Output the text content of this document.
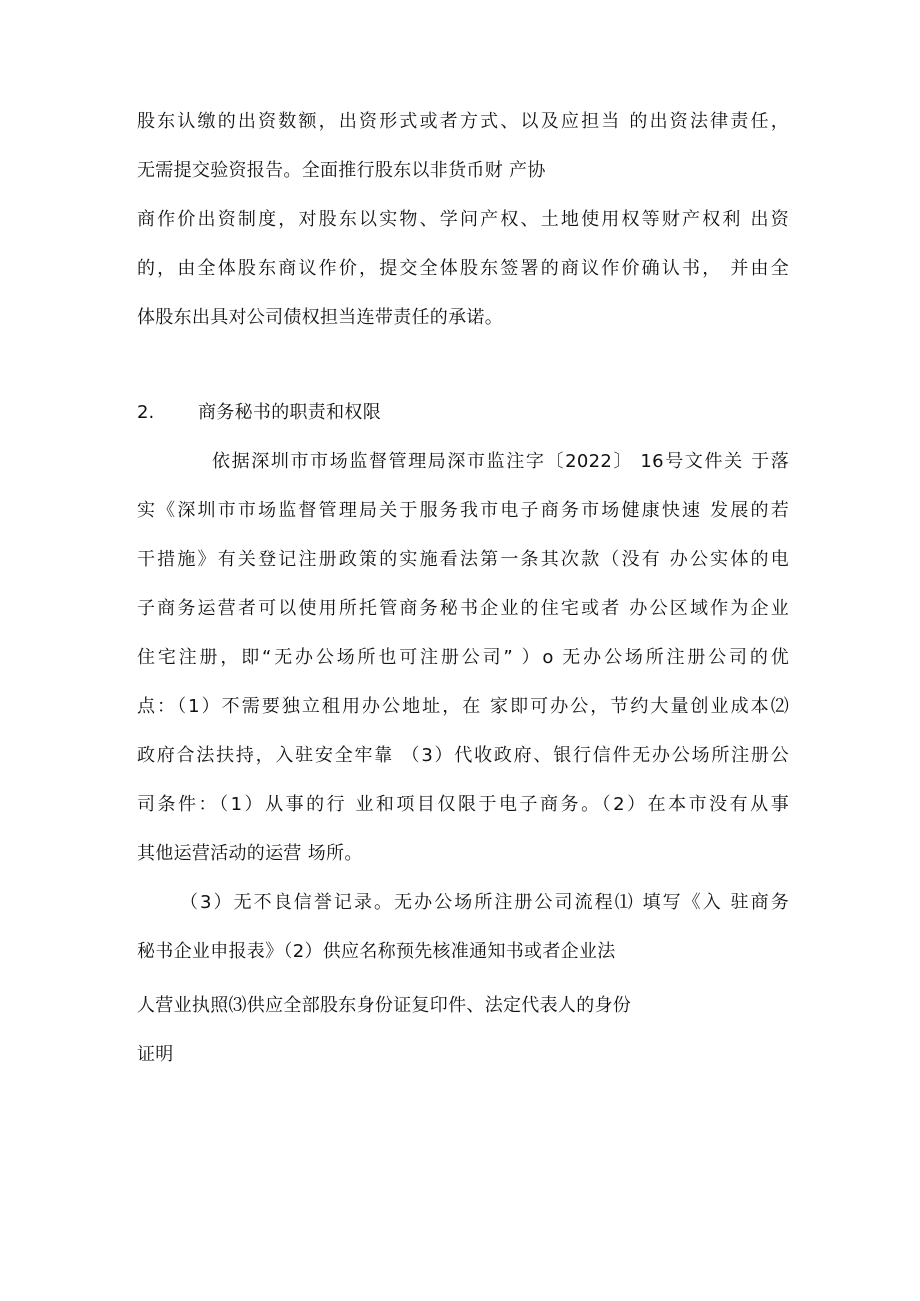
股东认缴的出资数额，出资形式或者方式、以及应担当 的出资法律责任，
无需提交验资报告。全面推行股东以非货币财 产协
商作价出资制度，对股东以实物、学问产权、土地使用权等财产权利 出资
的，由全体股东商议作价，提交全体股东签署的商议作价确认书， 并由全
体股东出具对公司债权担当连带责任的承诺。
2. 商务秘书的职责和权限
依据深圳市市场监督管理局深市监注字〔2022〕 16号文件关 于落
实《深圳市市场监督管理局关于服务我市电子商务市场健康快速 发展的若
干措施》有关登记注册政策的实施看法第一条其次款（没有 办公实体的电
子商务运营者可以使用所托管商务秘书企业的住宅或者 办公区域作为企业
住宅注册，即“无办公场所也可注册公司” ）o 无办公场所注册公司的优
点：（1）不需要独立租用办公地址，在 家即可办公，节约大量创业成本⑵
政府合法扶持，入驻安全牢靠 （3）代收政府、银行信件无办公场所注册公
司条件：（1）从事的行 业和项目仅限于电子商务。（2）在本市没有从事
其他运营活动的运营 场所。
（3）无不良信誉记录。无办公场所注册公司流程⑴ 填写《入 驻商务
秘书企业申报表》（2）供应名称预先核准通知书或者企业法
人营业执照⑶供应全部股东身份证复印件、法定代表人的身份
证明
